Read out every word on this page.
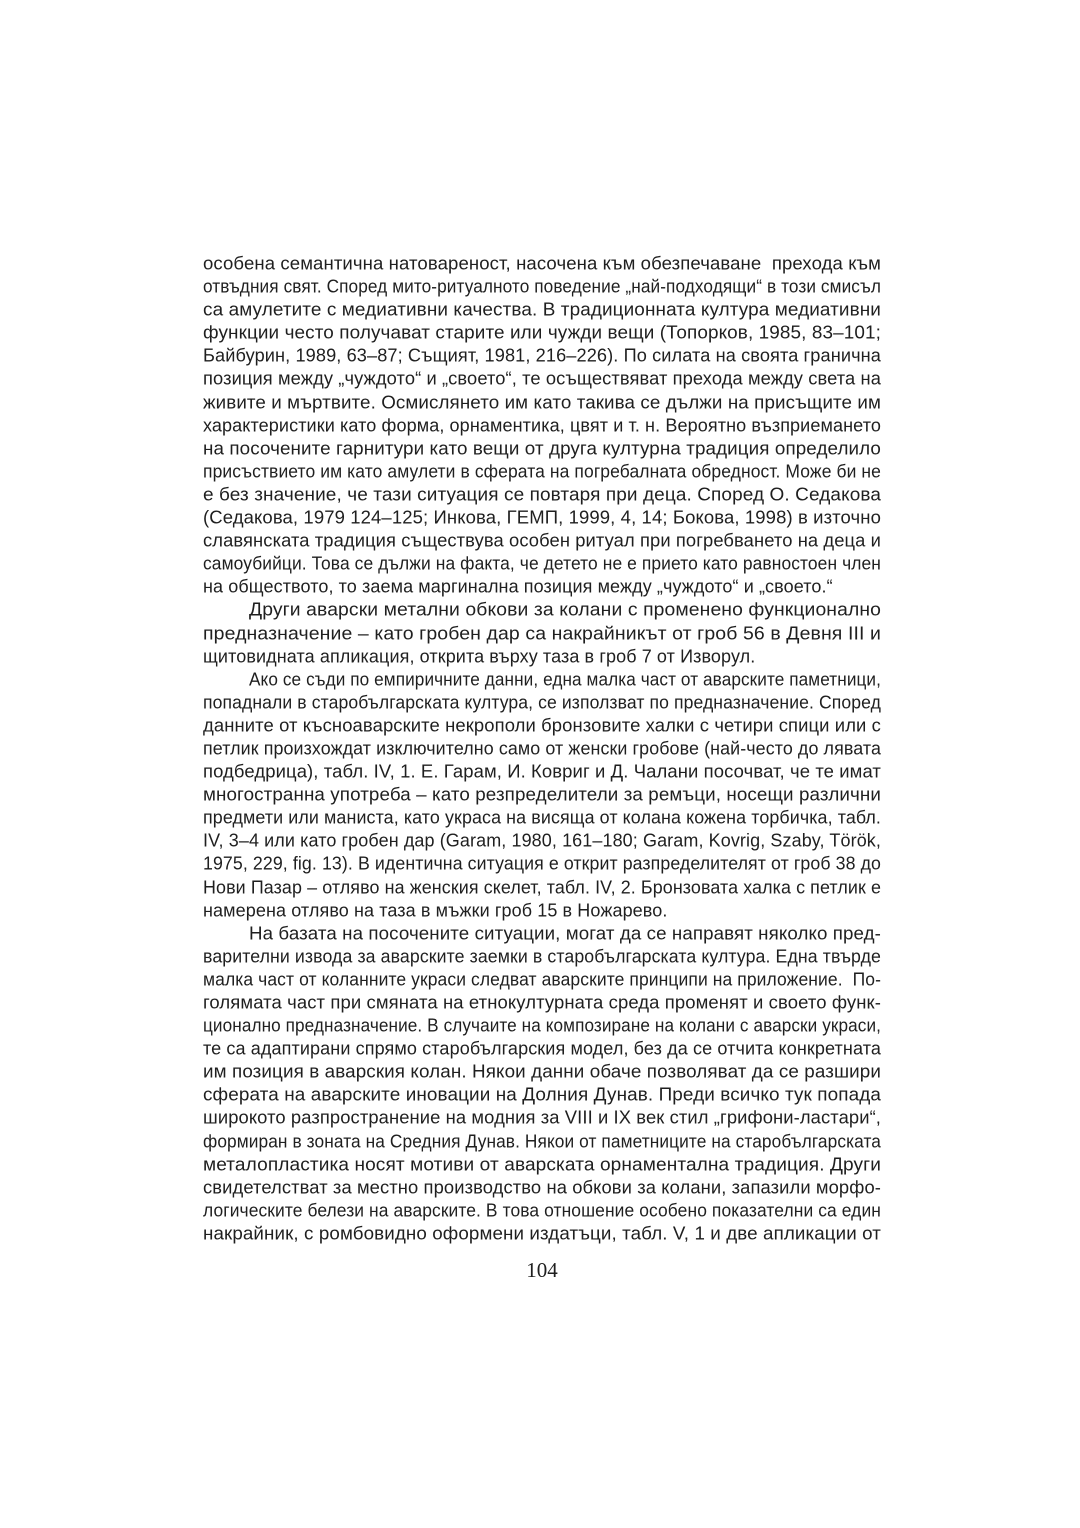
особена семантична натовареност, насочена към обезпечаване  прехода към
отвъдния свят. Според мито-ритуалното поведение „най-подходящи“ в този смисъл
са амулетите с медиативни качества. В традиционната култура медиативни
функции често получават старите или чужди вещи (Топорков, 1985, 83–101;
Байбурин, 1989, 63–87; Същият, 1981, 216–226). По силата на своята гранична
позиция между „чуждото“ и „своето“, те осъществяват прехода между света на
живите и мъртвите. Осмислянето им като такива се дължи на присъщите им
характеристики като форма, орнаментика, цвят и т. н. Вероятно възприемането
на посочените гарнитури като вещи от друга културна традиция определило
присъствието им като амулети в сферата на погребалната обредност. Може би не
е без значение, че тази ситуация се повтаря при деца. Според О. Седакова
(Седакова, 1979 124–125; Инкова, ГЕМП, 1999, 4, 14; Бокова, 1998) в източно
славянската традиция съществува особен ритуал при погребването на деца и
самоубийци. Това се дължи на факта, че детето не е прието като равностоен член
на обществото, то заема маргинална позиция между „чуждото“ и „своето.“
Други аварски метални обкови за колани с променено функционално
предназначение – като гробен дар са накрайникът от гроб 56 в Девня III и
щитовидната апликация, открита върху таза в гроб 7 от Изворул.
Ако се съди по емпиричните данни, една малка част от аварските паметници,
попаднали в старобългарската култура, се използват по предназначение. Според
данните от късноаварските некрополи бронзовите халки с четири спици или с
петлик произхождат изключително само от женски гробове (най-често до лявата
подбедрица), табл. IV, 1. Е. Гарам, И. Ковриг и Д. Чалани посочват, че те имат
многостранна употреба – като резпределители за ремъци, носещи различни
предмети или маниста, като украса на висяща от колана кожена торбичка, табл.
IV, 3–4 или като гробен дар (Garam, 1980, 161–180; Garam, Kovrig, Szaby, Török,
1975, 229, fig. 13). В идентична ситуация е открит разпределителят от гроб 38 до
Нови Пазар – отляво на женския скелет, табл. IV, 2. Бронзовата халка с петлик е
намерена отляво на таза в мъжки гроб 15 в Ножарево.
На базата на посочените ситуации, могат да се направят няколко пред-
варителни извода за аварските заемки в старобългарската култура. Една твърде
малка част от коланните украси следват аварските принципи на приложение.  По-
голямата част при смяната на етнокултурната среда променят и своето функ-
ционално предназначение. В случаите на композиране на колани с аварски украси,
те са адаптирани спрямо старобългарския модел, без да се отчита конкретната
им позиция в аварския колан. Някои данни обаче позволяват да се разшири
сферата на аварските иновации на Долния Дунав. Преди всичко тук попада
широкото разпространение на модния за VIII и IX век стил „грифони-ластари“,
формиран в зоната на Средния Дунав. Някои от паметниците на старобългарската
металопластика носят мотиви от аварската орнаментална традиция. Други
свидетелстват за местно производство на обкови за колани, запазили морфо-
логическите белези на аварските. В това отношение особено показателни са един
накрайник, с ромбовидно оформени издатъци, табл. V, 1 и две апликации от
104
